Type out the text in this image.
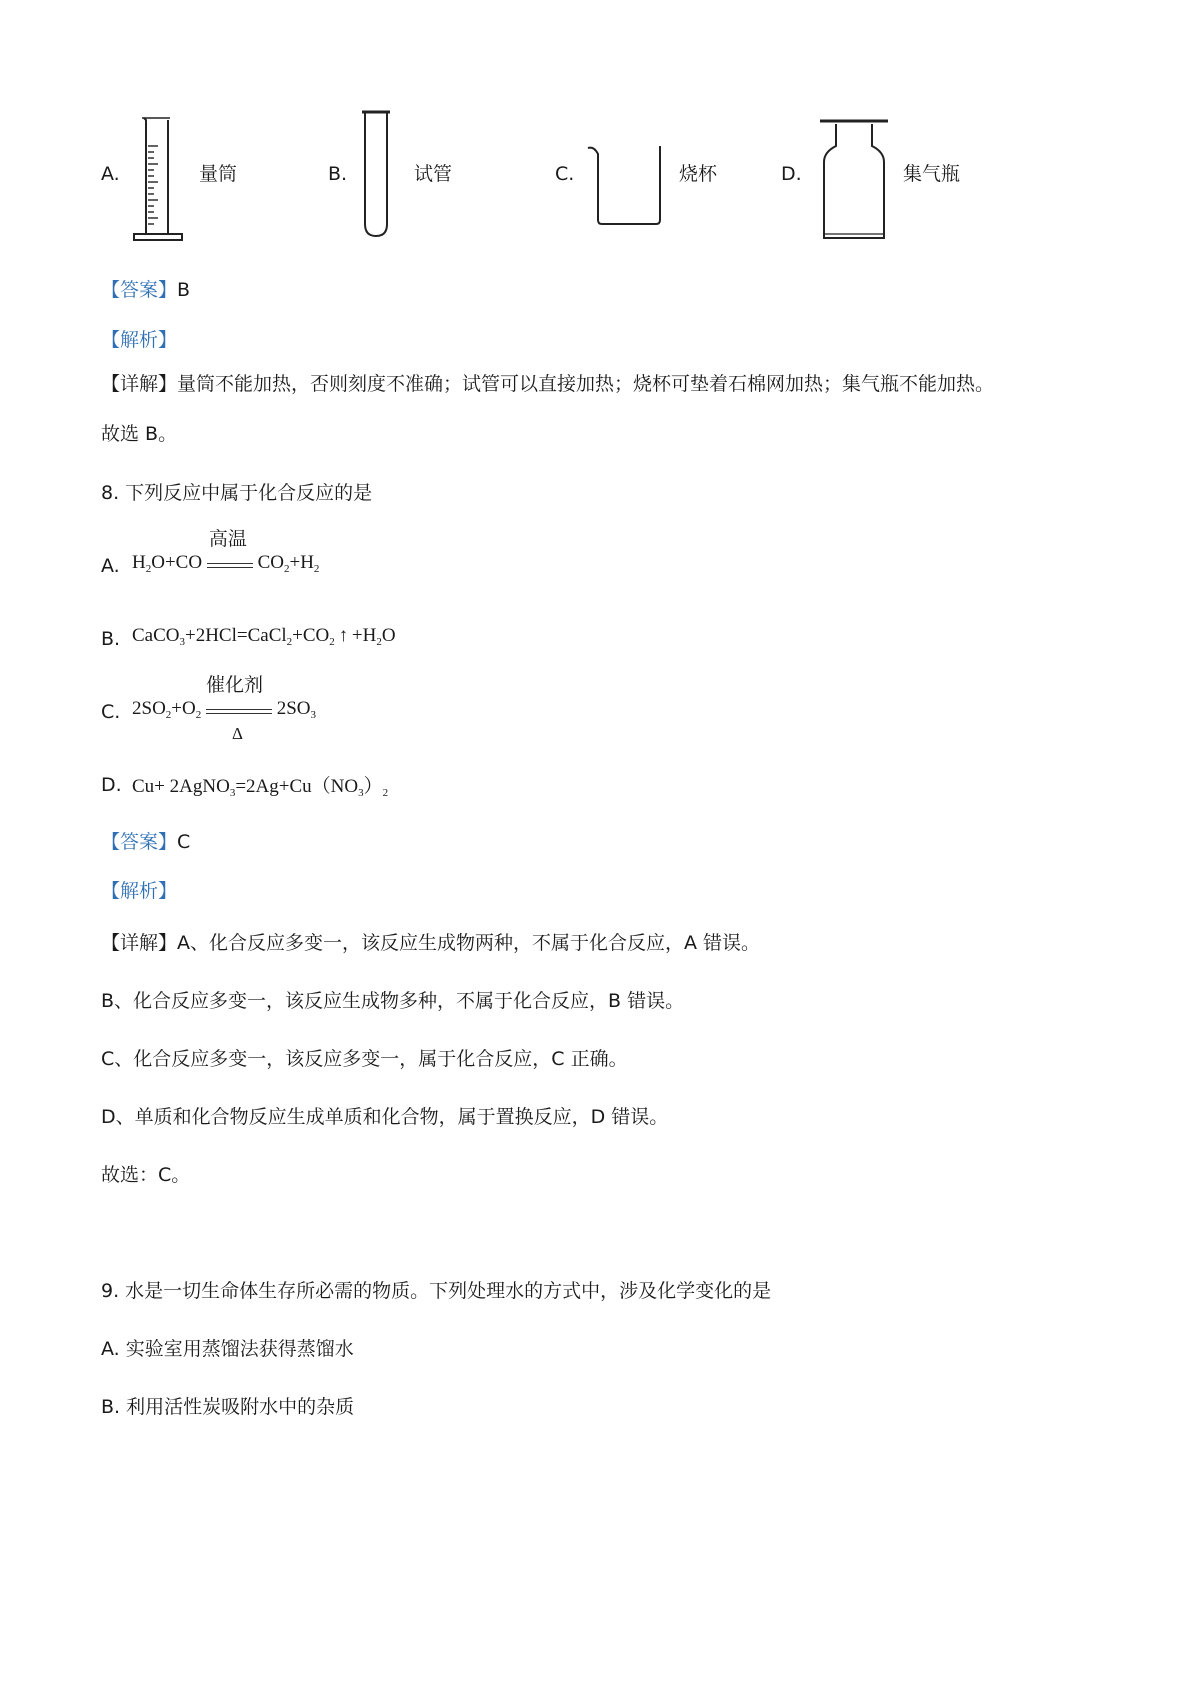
A.	量筒	B.	试管	C.	烧杯	D.	集气瓶
【答案】B
【解析】
【详解】量筒不能加热，否则刻度不准确；试管可以直接加热；烧杯可垫着石棉网加热；集气瓶不能加热。
故选 B。
8. 下列反应中属于化合反应的是
A. $H_2O+CO$
高温
$CO_2+H_2$
B. $CaCO_3+2HCl=CaCl_2+CO_2$ ↑ $+H_2O$
C. $2SO_2+O_2$
催化剂
Δ
$2SO_3$
D. $Cu+ 2AgNO_3=2Ag+Cu(NO_3)_2$
【答案】C
【解析】
【详解】A、化合反应多变一，该反应生成物两种，不属于化合反应，A 错误。
B、化合反应多变一，该反应生成物多种，不属于化合反应，B 错误。
C、化合反应多变一，该反应多变一，属于化合反应，C 正确。
D、单质和化合物反应生成单质和化合物，属于置换反应，D 错误。
故选：C。
9. 水是一切生命体生存所必需的物质。下列处理水的方式中，涉及化学变化的是
A. 实验室用蒸馏法获得蒸馏水
B. 利用活性炭吸附水中的杂质
